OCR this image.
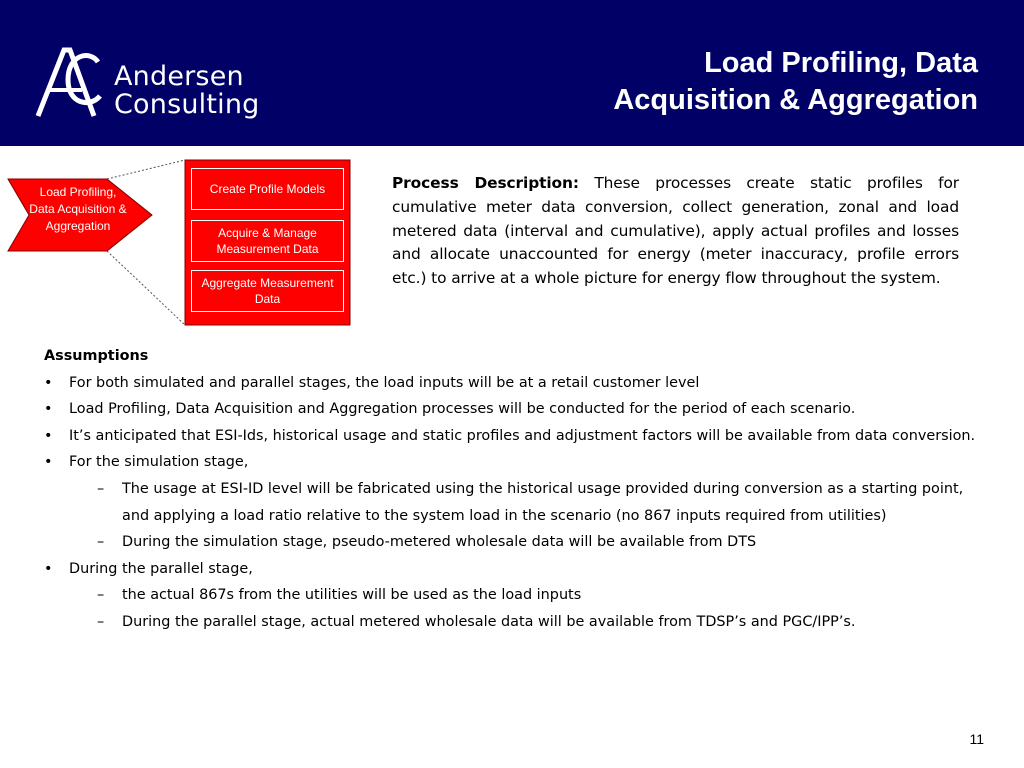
Andersen
Consulting
Load Profiling, Data
Acquisition & Aggregation
Load Profiling, Data Acquisition & Aggregation
Create Profile Models
Acquire & Manage Measurement Data
Aggregate Measurement Data
Process Description: These processes create static profiles for cumulative meter data conversion, collect generation, zonal and load metered data (interval and cumulative), apply actual profiles and losses and allocate unaccounted for energy (meter inaccuracy, profile errors etc.) to arrive at a whole picture for energy flow throughout the system.
Assumptions
• For both simulated and parallel stages, the load inputs will be at a retail customer level
• Load Profiling, Data Acquisition and Aggregation processes will be conducted for the period of each scenario.
• It’s anticipated that ESI-Ids, historical usage and static profiles and adjustment factors will be available from data conversion.
• For the simulation stage,
– The usage at ESI-ID level will be fabricated using the historical usage provided during conversion as a starting point, and applying a load ratio relative to the system load in the scenario (no 867 inputs required from utilities)
– During the simulation stage, pseudo-metered wholesale data will be available from DTS
• During the parallel stage,
– the actual 867s from the utilities will be used as the load inputs
– During the parallel stage, actual metered wholesale data will be available from TDSP’s and PGC/IPP’s.
11
